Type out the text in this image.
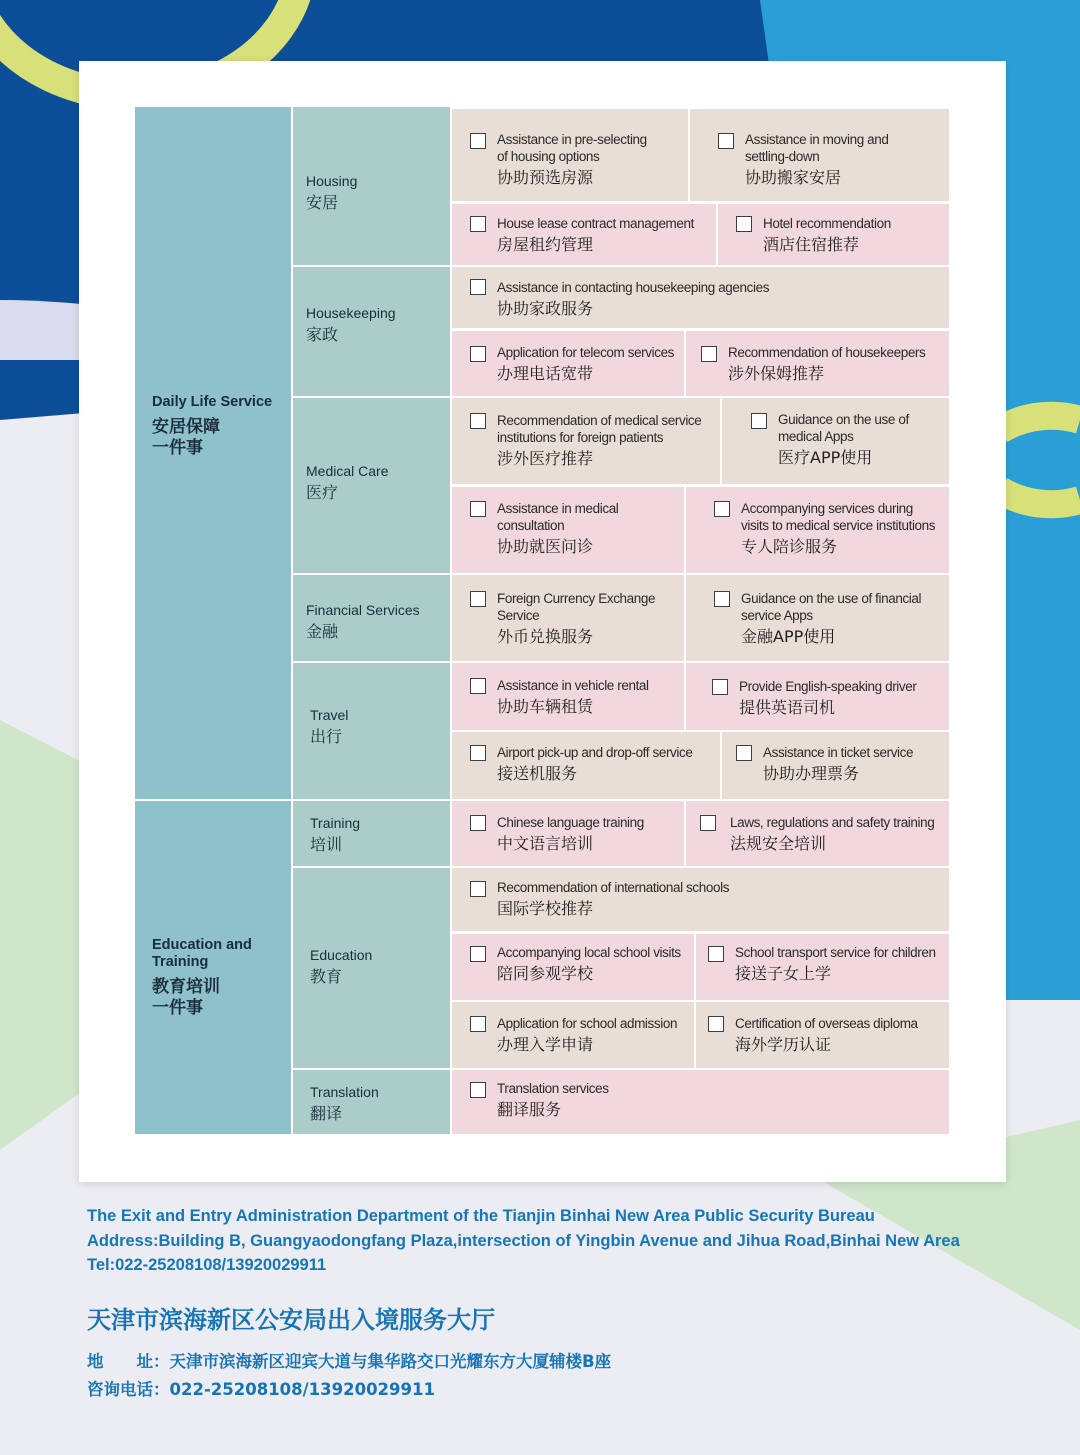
Daily Life Service
安居保障
一件事
Education and
Training
教育培训
一件事
Housing
安居
Housekeeping
家政
Medical Care
医疗
Financial Services
金融
Travel
出行
Training
培训
Education
教育
Translation
翻译
Assistance in pre-selecting
of housing options
协助预选房源
Assistance in moving and
settling-down
协助搬家安居
House lease contract management
房屋租约管理
Hotel recommendation
酒店住宿推荐
Assistance in contacting housekeeping agencies
协助家政服务
Application for telecom services
办理电话宽带
Recommendation of housekeepers
涉外保姆推荐
Recommendation of medical service
institutions for foreign patients
涉外医疗推荐
Guidance on the use of
medical Apps
医疗APP使用
Assistance in medical
consultation
协助就医问诊
Accompanying services during
visits to medical service institutions
专人陪诊服务
Foreign Currency Exchange
Service
外币兑换服务
Guidance on the use of financial
service Apps
金融APP使用
Assistance in vehicle rental
协助车辆租赁
Provide English-speaking driver
提供英语司机
Airport pick-up and drop-off service
接送机服务
Assistance in ticket service
协助办理票务
Chinese language training
中文语言培训
Laws, regulations and safety training
法规安全培训
Recommendation of international schools
国际学校推荐
Accompanying local school visits
陪同参观学校
School transport service for children
接送子女上学
Application for school admission
办理入学申请
Certification of overseas diploma
海外学历认证
Translation services
翻译服务
The Exit and Entry Administration Department of the Tianjin Binhai New Area Public Security Bureau
Address:Building B, Guangyaodongfang Plaza,intersection of Yingbin Avenue and Jihua Road,Binhai New Area
Tel:022-25208108/13920029911
天津市滨海新区公安局出入境服务大厅
地　　址：天津市滨海新区迎宾大道与集华路交口光耀东方大厦辅楼B座
咨询电话：022-25208108/13920029911
